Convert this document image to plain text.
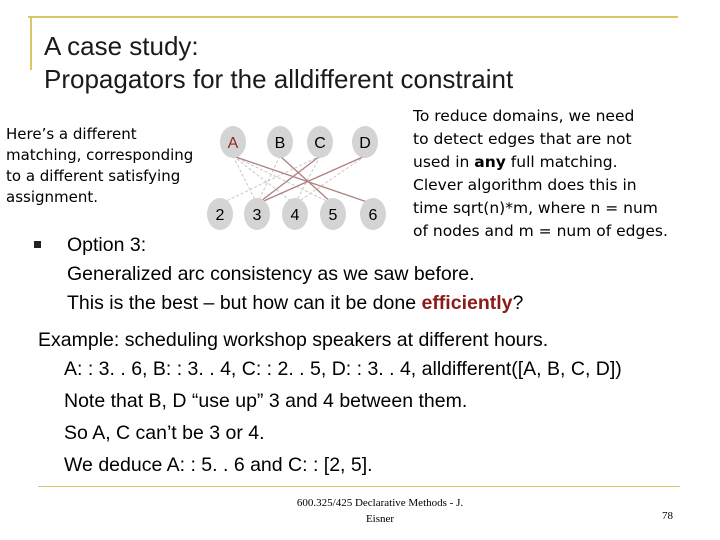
A case study:
Propagators for the alldifferent constraint
Here’s a different
matching, corresponding
to a different satisfying
assignment.
A B C D
2 3 4 5 6
To reduce domains, we need
to detect edges that are not
used in any full matching.
Clever algorithm does this in
time sqrt(n)*m, where n = num
of nodes and m = num of edges.
Option 3:
Generalized arc consistency as we saw before.
This is the best – but how can it be done efficiently?
Example: scheduling workshop speakers at different hours.
A: : 3. . 6, B: : 3. . 4, C: : 2. . 5, D: : 3. . 4, alldifferent([A, B, C, D])
Note that B, D “use up” 3 and 4 between them.
So A, C can’t be 3 or 4.
We deduce A: : 5. . 6 and C: : [2, 5].
600.325/425 Declarative Methods - J.
Eisner	78
